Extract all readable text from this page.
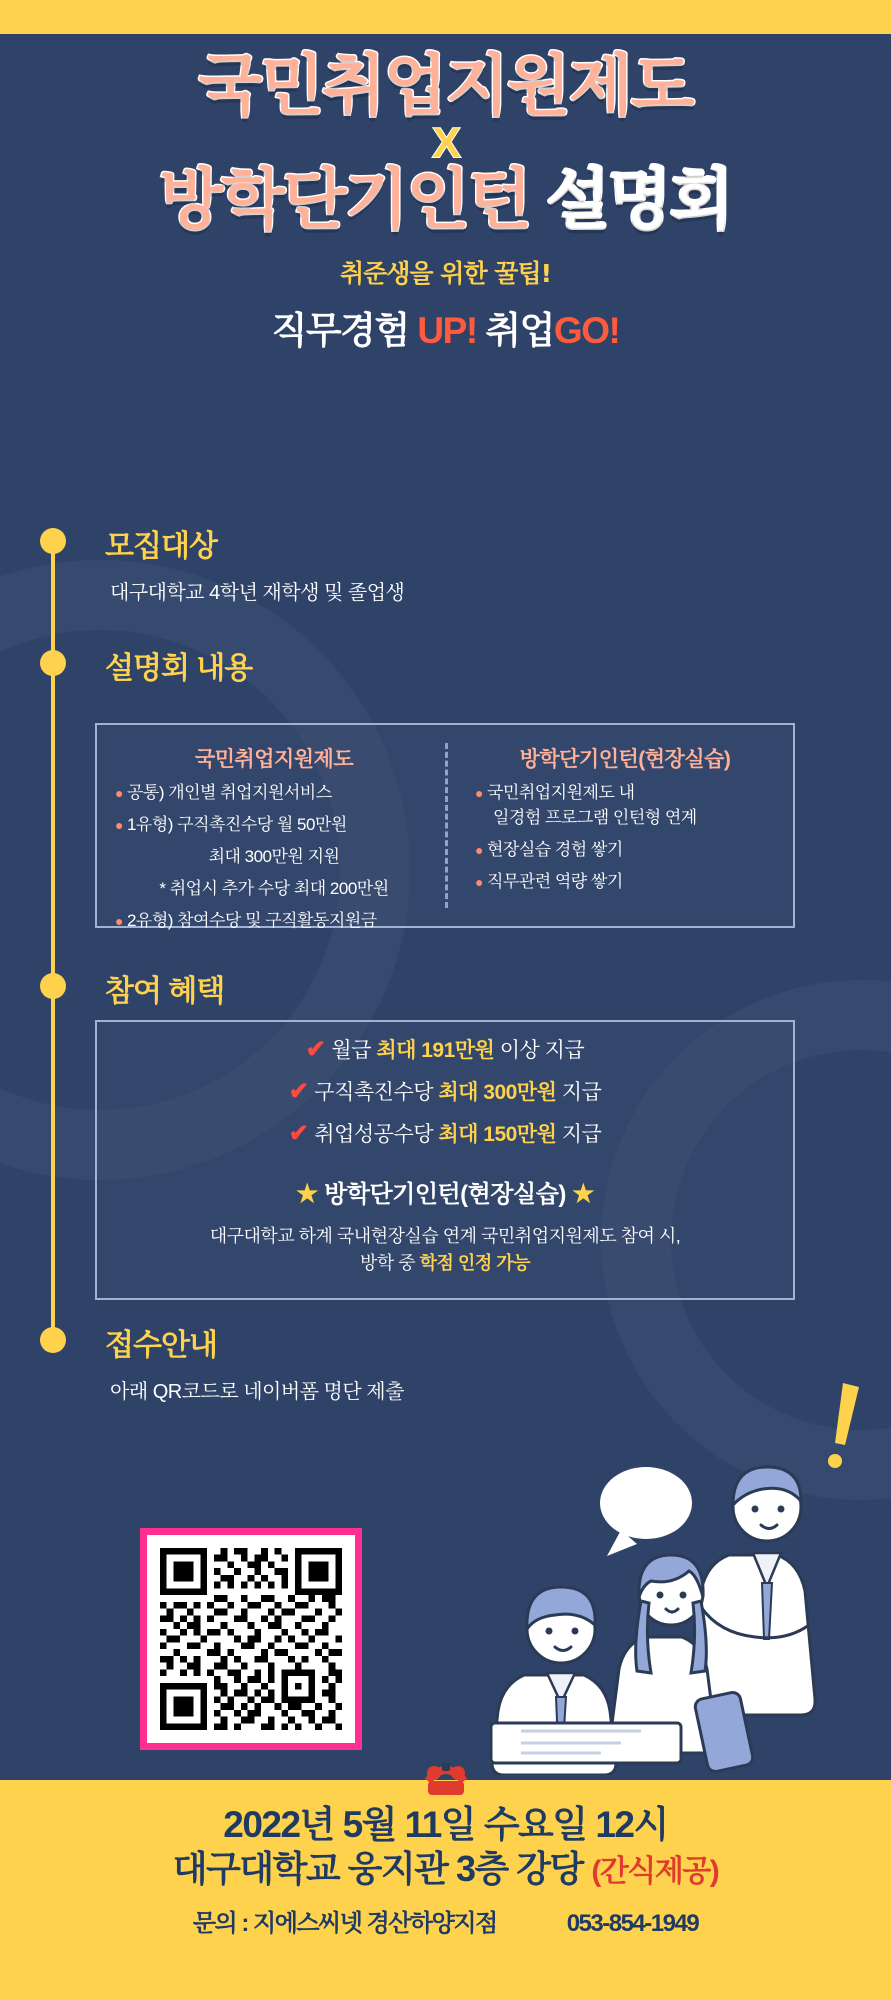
국민취업지원제도
X
방학단기인턴 설명회
취준생을 위한 꿀팁!
직무경험 UP! 취업GO!
모집대상
대구대학교 4학년 재학생 및 졸업생
설명회 내용
국민취업지원제도
● 공통) 개인별 취업지원서비스
● 1유형) 구직촉진수당 월 50만원
최대 300만원 지원
* 취업시 추가 수당 최대 200만원
● 2유형) 참여수당 및 구직활동지원금
방학단기인턴(현장실습)
● 국민취업지원제도 내
일경험 프로그램 인턴형 연계
● 현장실습 경험 쌓기
● 직무관련 역량 쌓기
참여 혜택
✔ 월급 최대 191만원 이상 지급
✔ 구직촉진수당 최대 300만원 지급
✔ 취업성공수당 최대 150만원 지급
★ 방학단기인턴(현장실습) ★
대구대학교 하계 국내현장실습 연계 국민취업지원제도 참여 시,
방학 중 학점 인정 가능
접수안내
아래 QR코드로 네이버폼 명단 제출
2022년 5월 11일 수요일 12시
대구대학교 웅지관 3층 강당 (간식제공)
문의 : 지에스씨넷 경산하양지점	053-854-1949
